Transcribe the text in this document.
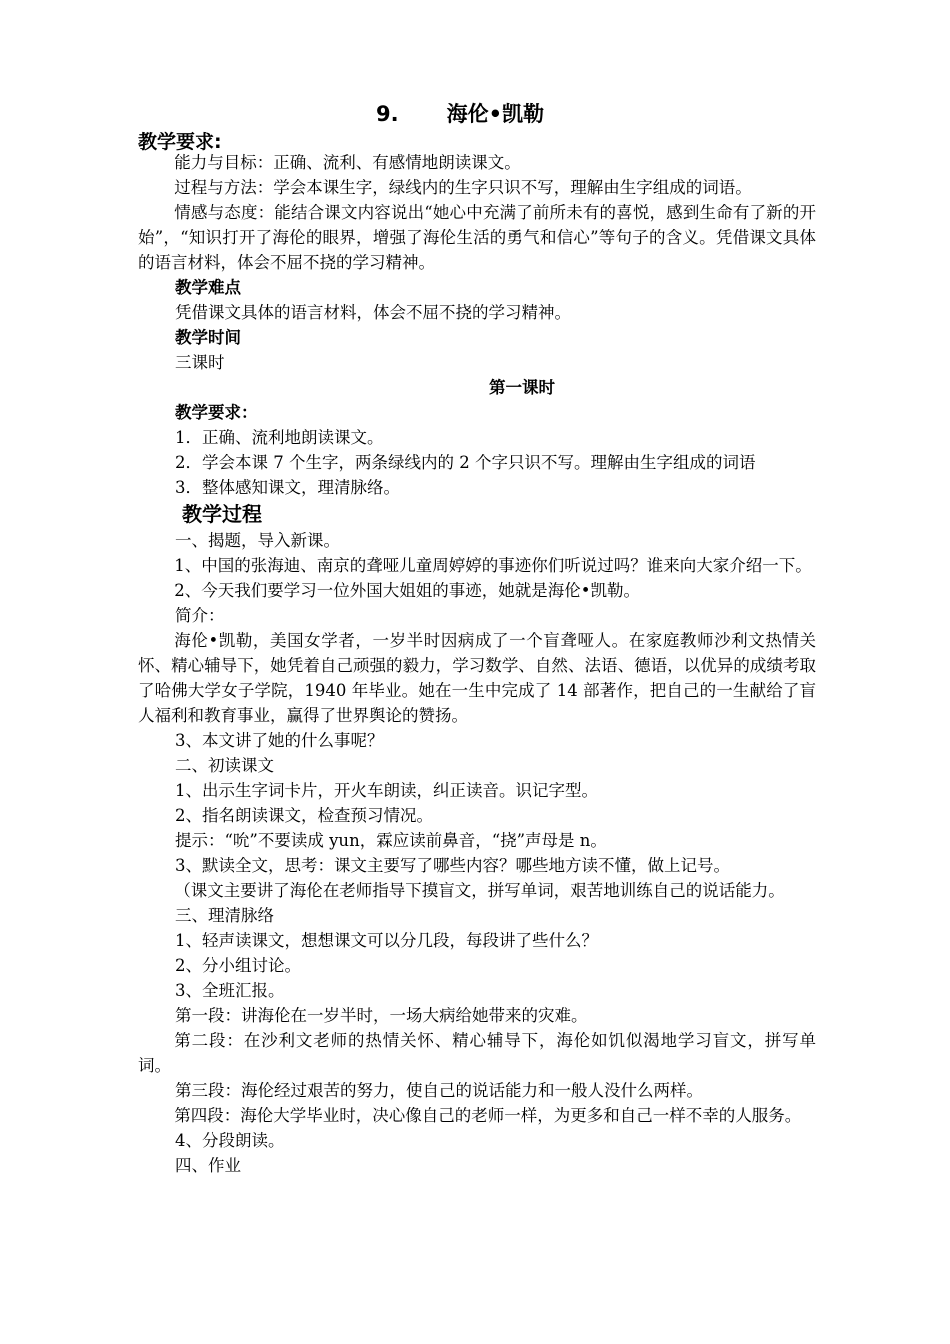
9. 海伦•凯勒
教学要求:

能力与目标：正确、流利、有感情地朗读课文。

过程与方法：学会本课生字，绿线内的生字只识不写，理解由生字组成的词语。

情感与态度：能结合课文内容说出“她心中充满了前所未有的喜悦，感到生命有了新的开始”，“知识打开了海伦的眼界，增强了海伦生活的勇气和信心”等句子的含义。凭借课文具体的语言材料，体会不屈不挠的学习精神。

教学难点

凭借课文具体的语言材料，体会不屈不挠的学习精神。

教学时间

三课时

第一课时

教学要求：

1．正确、流利地朗读课文。

2．学会本课 7 个生字，两条绿线内的 2 个字只识不写。理解由生字组成的词语

3．整体感知课文，理清脉络。

教学过程

一、揭题，导入新课。

1、中国的张海迪、南京的聋哑儿童周婷婷的事迹你们听说过吗？谁来向大家介绍一下。

2、今天我们要学习一位外国大姐姐的事迹，她就是海伦•凯勒。

简介：

海伦•凯勒，美国女学者，一岁半时因病成了一个盲聋哑人。在家庭教师沙利文热情关怀、精心辅导下，她凭着自己顽强的毅力，学习数学、自然、法语、德语，以优异的成绩考取了哈佛大学女子学院，1940 年毕业。她在一生中完成了 14 部著作，把自己的一生献给了盲人福利和教育事业，赢得了世界舆论的赞扬。

3、本文讲了她的什么事呢？

二、初读课文

1、出示生字词卡片，开火车朗读，纠正读音。识记字型。

2、指名朗读课文，检查预习情况。

提示：“吮”不要读成 yun，霖应读前鼻音，“挠”声母是 n。

3、默读全文，思考：课文主要写了哪些内容？哪些地方读不懂，做上记号。

（课文主要讲了海伦在老师指导下摸盲文，拼写单词，艰苦地训练自己的说话能力。

三、理清脉络

1、轻声读课文，想想课文可以分几段，每段讲了些什么？

2、分小组讨论。

3、全班汇报。

第一段：讲海伦在一岁半时，一场大病给她带来的灾难。

第二段：在沙利文老师的热情关怀、精心辅导下，海伦如饥似渴地学习盲文，拼写单词。

第三段：海伦经过艰苦的努力，使自己的说话能力和一般人没什么两样。

第四段：海伦大学毕业时，决心像自己的老师一样，为更多和自己一样不幸的人服务。

4、分段朗读。

四、作业
